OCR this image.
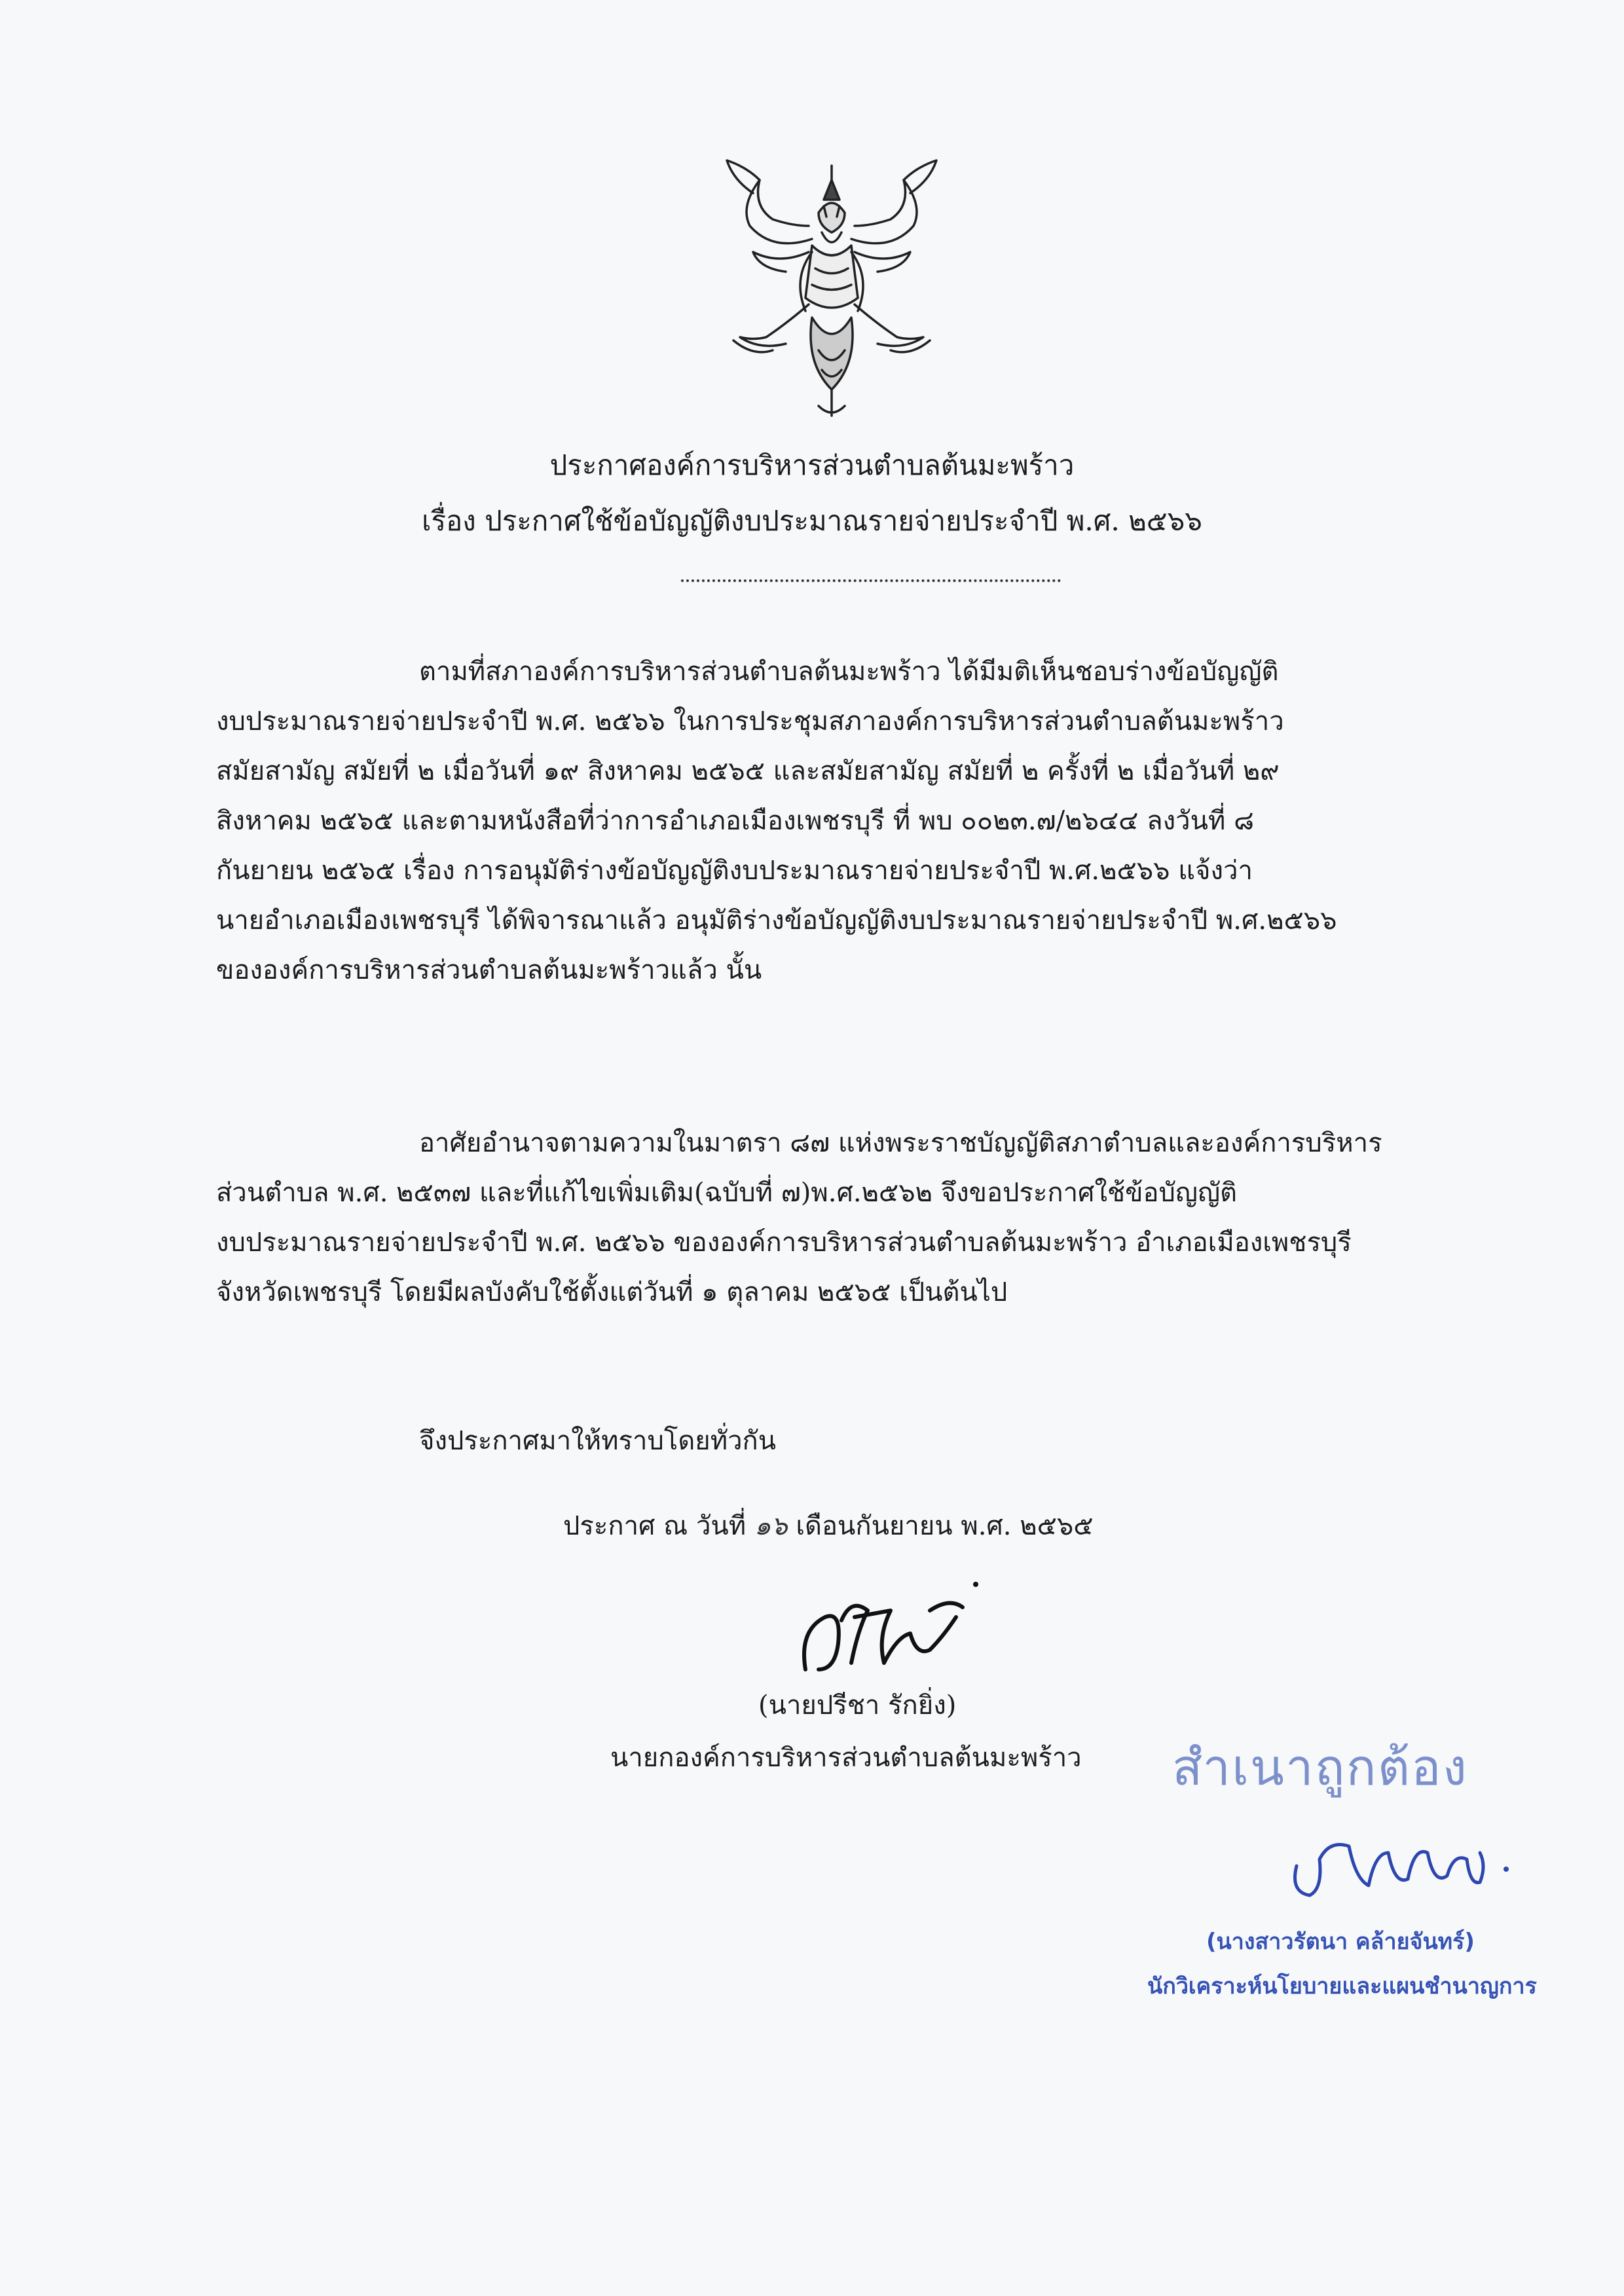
ประกาศองค์การบริหารส่วนตำบลต้นมะพร้าว
เรื่อง ประกาศใช้ข้อบัญญัติงบประมาณรายจ่ายประจำปี พ.ศ. ๒๕๖๖
ตามที่สภาองค์การบริหารส่วนตำบลต้นมะพร้าว ได้มีมติเห็นชอบร่างข้อบัญญัติ
งบประมาณรายจ่ายประจำปี พ.ศ. ๒๕๖๖ ในการประชุมสภาองค์การบริหารส่วนตำบลต้นมะพร้าว
สมัยสามัญ สมัยที่ ๒ เมื่อวันที่ ๑๙ สิงหาคม ๒๕๖๕ และสมัยสามัญ สมัยที่ ๒ ครั้งที่ ๒ เมื่อวันที่ ๒๙
สิงหาคม ๒๕๖๕ และตามหนังสือที่ว่าการอำเภอเมืองเพชรบุรี ที่ พบ ๐๐๒๓.๗/๒๖๔๔ ลงวันที่ ๘
กันยายน ๒๕๖๕ เรื่อง การอนุมัติร่างข้อบัญญัติงบประมาณรายจ่ายประจำปี พ.ศ.๒๕๖๖ แจ้งว่า
นายอำเภอเมืองเพชรบุรี ได้พิจารณาแล้ว อนุมัติร่างข้อบัญญัติงบประมาณรายจ่ายประจำปี พ.ศ.๒๕๖๖
ขององค์การบริหารส่วนตำบลต้นมะพร้าวแล้ว นั้น
อาศัยอำนาจตามความในมาตรา ๘๗ แห่งพระราชบัญญัติสภาตำบลและองค์การบริหาร
ส่วนตำบล พ.ศ. ๒๕๓๗ และที่แก้ไขเพิ่มเติม(ฉบับที่ ๗)พ.ศ.๒๕๖๒ จึงขอประกาศใช้ข้อบัญญัติ
งบประมาณรายจ่ายประจำปี พ.ศ. ๒๕๖๖ ขององค์การบริหารส่วนตำบลต้นมะพร้าว อำเภอเมืองเพชรบุรี
จังหวัดเพชรบุรี โดยมีผลบังคับใช้ตั้งแต่วันที่ ๑ ตุลาคม ๒๕๖๕ เป็นต้นไป
จึงประกาศมาให้ทราบโดยทั่วกัน
ประกาศ ณ วันที่ ๑๖ เดือนกันยายน พ.ศ. ๒๕๖๕
(นายปรีชา รักยิ่ง)
นายกองค์การบริหารส่วนตำบลต้นมะพร้าว สำเนาถูกต้อง
(นางสาวรัตนา คล้ายจันทร์)
นักวิเคราะห์นโยบายและแผนชำนาญการ
